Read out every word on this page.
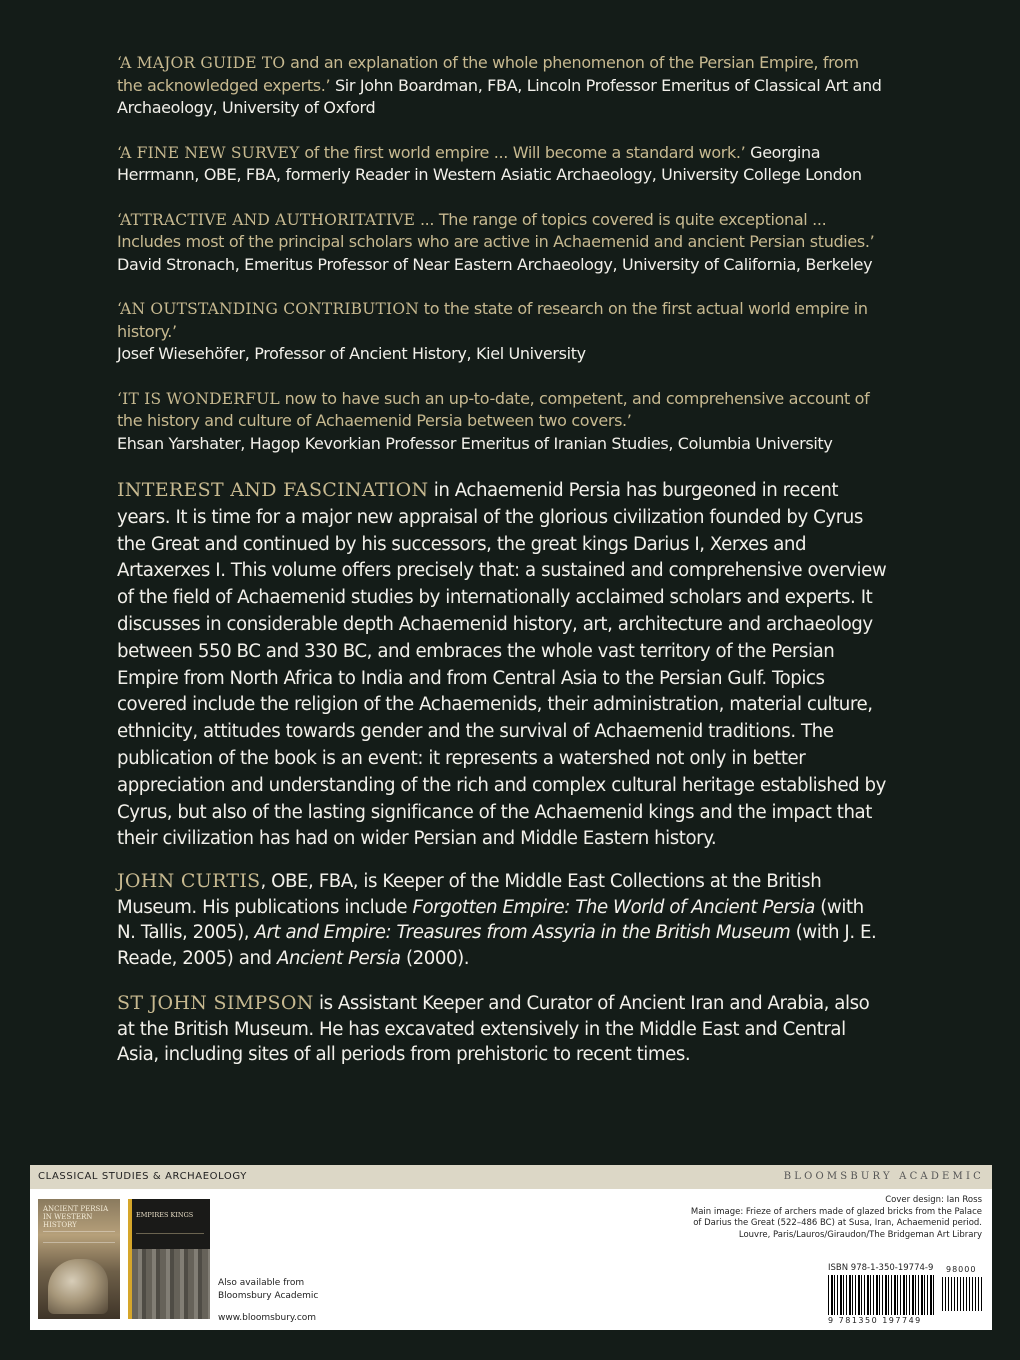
‘A MAJOR GUIDE TO and an explanation of the whole phenomenon of the Persian Empire, from the acknowledged experts.’ Sir John Boardman, FBA, Lincoln Professor Emeritus of Classical Art and Archaeology, University of Oxford
‘A FINE NEW SURVEY of the first world empire ... Will become a standard work.’ Georgina Herrmann, OBE, FBA, formerly Reader in Western Asiatic Archaeology, University College London
‘ATTRACTIVE AND AUTHORITATIVE ... The range of topics covered is quite exceptional ... Includes most of the principal scholars who are active in Achaemenid and ancient Persian studies.’ David Stronach, Emeritus Professor of Near Eastern Archaeology, University of California, Berkeley
‘AN OUTSTANDING CONTRIBUTION to the state of research on the first actual world empire in history.’
Josef Wiesehöfer, Professor of Ancient History, Kiel University
‘IT IS WONDERFUL now to have such an up-to-date, competent, and comprehensive account of the history and culture of Achaemenid Persia between two covers.’
Ehsan Yarshater, Hagop Kevorkian Professor Emeritus of Iranian Studies, Columbia University
INTEREST AND FASCINATION in Achaemenid Persia has burgeoned in recent years. It is time for a major new appraisal of the glorious civilization founded by Cyrus the Great and continued by his successors, the great kings Darius I, Xerxes and Artaxerxes I. This volume offers precisely that: a sustained and comprehensive overview of the field of Achaemenid studies by internationally acclaimed scholars and experts. It discusses in considerable depth Achaemenid history, art, architecture and archaeology between 550 BC and 330 BC, and embraces the whole vast territory of the Persian Empire from North Africa to India and from Central Asia to the Persian Gulf. Topics covered include the religion of the Achaemenids, their administration, material culture, ethnicity, attitudes towards gender and the survival of Achaemenid traditions. The publication of the book is an event: it represents a watershed not only in better appreciation and understanding of the rich and complex cultural heritage established by Cyrus, but also of the lasting significance of the Achaemenid kings and the impact that their civilization has had on wider Persian and Middle Eastern history.
JOHN CURTIS, OBE, FBA, is Keeper of the Middle East Collections at the British Museum. His publications include Forgotten Empire: The World of Ancient Persia (with N. Tallis, 2005), Art and Empire: Treasures from Assyria in the British Museum (with J. E. Reade, 2005) and Ancient Persia (2000).
ST JOHN SIMPSON is Assistant Keeper and Curator of Ancient Iran and Arabia, also at the British Museum. He has excavated extensively in the Middle East and Central Asia, including sites of all periods from prehistoric to recent times.
CLASSICAL STUDIES & ARCHAEOLOGY	BLOOMSBURY ACADEMIC
ANCIENT PERSIA IN WESTERN HISTORY
EMPIRES KINGS
Also available from
Bloomsbury Academic
www.bloomsbury.com
Cover design: Ian Ross
Main image: Frieze of archers made of glazed bricks from the Palace of Darius the Great (522–486 BC) at Susa, Iran, Achaemenid period. Louvre, Paris/Lauros/Giraudon/The Bridgeman Art Library
ISBN 978-1-350-19774-9 98000
9 781350 197749
